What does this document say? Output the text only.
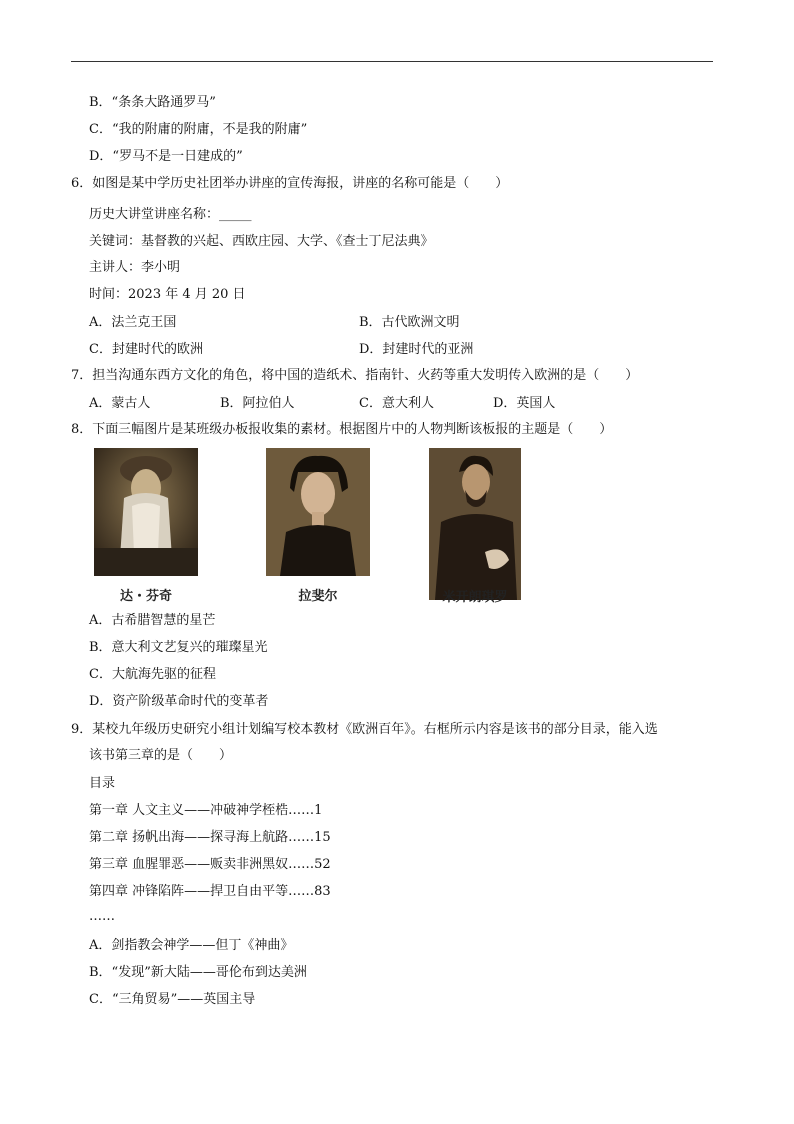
B．“条条大路通罗马”
C．“我的附庸的附庸，不是我的附庸”
D．“罗马不是一日建成的”
6．如图是某中学历史社团举办讲座的宣传海报，讲座的名称可能是（　　）
历史大讲堂讲座名称：_____
关键词：基督教的兴起、西欧庄园、大学、《查士丁尼法典》
主讲人：李小明
时间：2023 年 4 月 20 日
A．法兰克王国	B．古代欧洲文明
C．封建时代的欧洲	D．封建时代的亚洲
7．担当沟通东西方文化的角色，将中国的造纸术、指南针、火药等重大发明传入欧洲的是（　　）
A．蒙古人	B．阿拉伯人	C．意大利人	D．英国人
8．下面三幅图片是某班级办板报收集的素材。根据图片中的人物判断该板报的主题是（　　）
达・芬奇	拉斐尔	米开朗琪罗
A．古希腊智慧的星芒
B．意大利文艺复兴的璀璨星光
C．大航海先驱的征程
D．资产阶级革命时代的变革者
9．某校九年级历史研究小组计划编写校本教材《欧洲百年》。右框所示内容是该书的部分目录，能入选
该书第三章的是（　　）
目录
第一章 人文主义——冲破神学桎梏……1
第二章 扬帆出海——探寻海上航路……15
第三章 血腥罪恶——贩卖非洲黑奴……52
第四章 冲锋陷阵——捍卫自由平等……83
……
A．剑指教会神学——但丁《神曲》
B．“发现”新大陆——哥伦布到达美洲
C．“三角贸易”——英国主导
